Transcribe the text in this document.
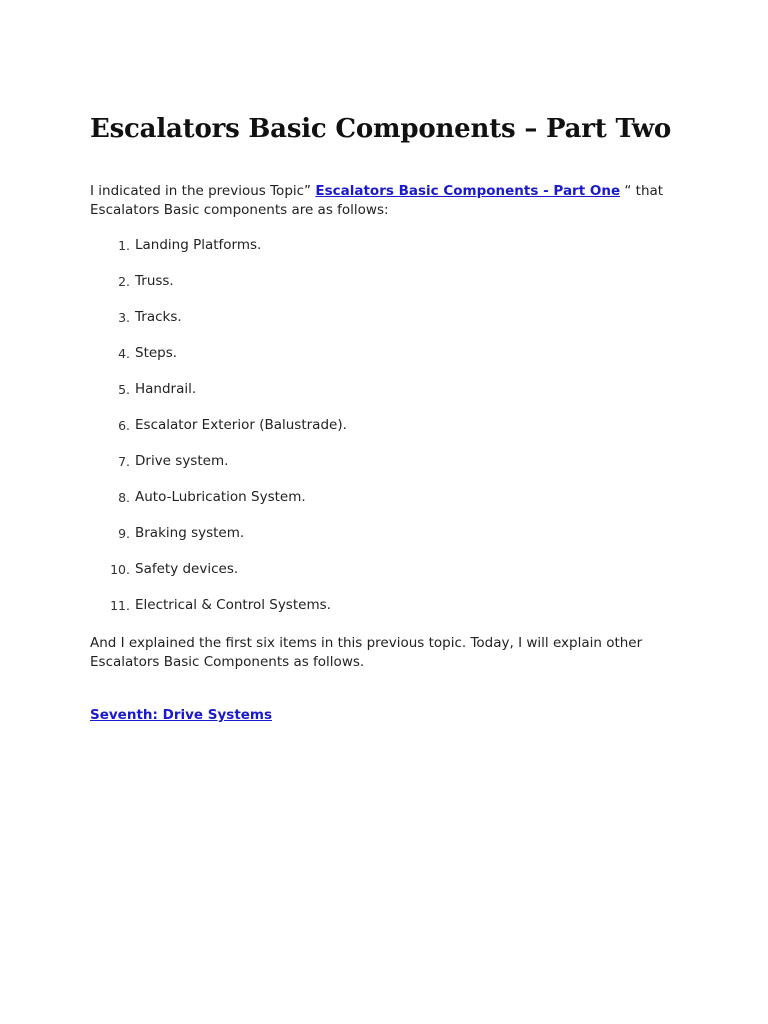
Escalators Basic Components – Part Two

I indicated in the previous Topic” Escalators Basic Components - Part One “ that Escalators Basic components are as follows:

1. Landing Platforms.
2. Truss.
3. Tracks.
4. Steps.
5. Handrail.
6. Escalator Exterior (Balustrade).
7. Drive system.
8. Auto-Lubrication System.
9. Braking system.
10. Safety devices.
11. Electrical & Control Systems.

And I explained the first six items in this previous topic. Today, I will explain other Escalators Basic Components as follows.

Seventh: Drive Systems
